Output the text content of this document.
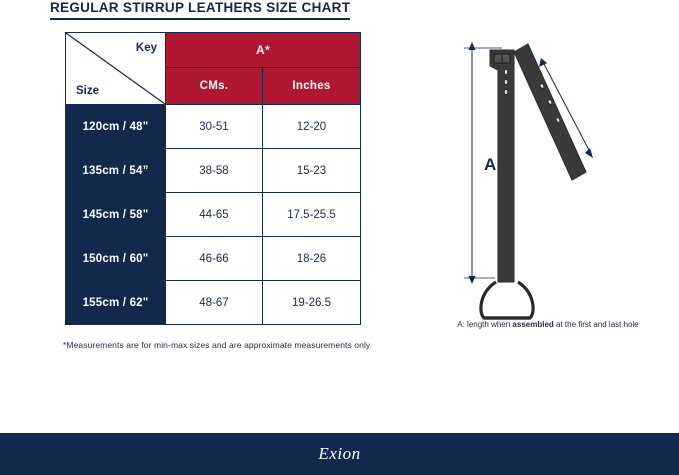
REGULAR STIRRUP LEATHERS SIZE CHART
Key
Size	A*	
	CMs.	Inches
120cm / 48"	30-51	12-20
135cm / 54”	38-58	15-23
145cm / 58"	44-65	17.5-25.5
150cm / 60"	46-66	18-26
155cm / 62"	48-67	19-26.5
*Measurements are for min-max sizes and are approximate measurements only
A
A: length when assembled at the first and last hole
Exion
